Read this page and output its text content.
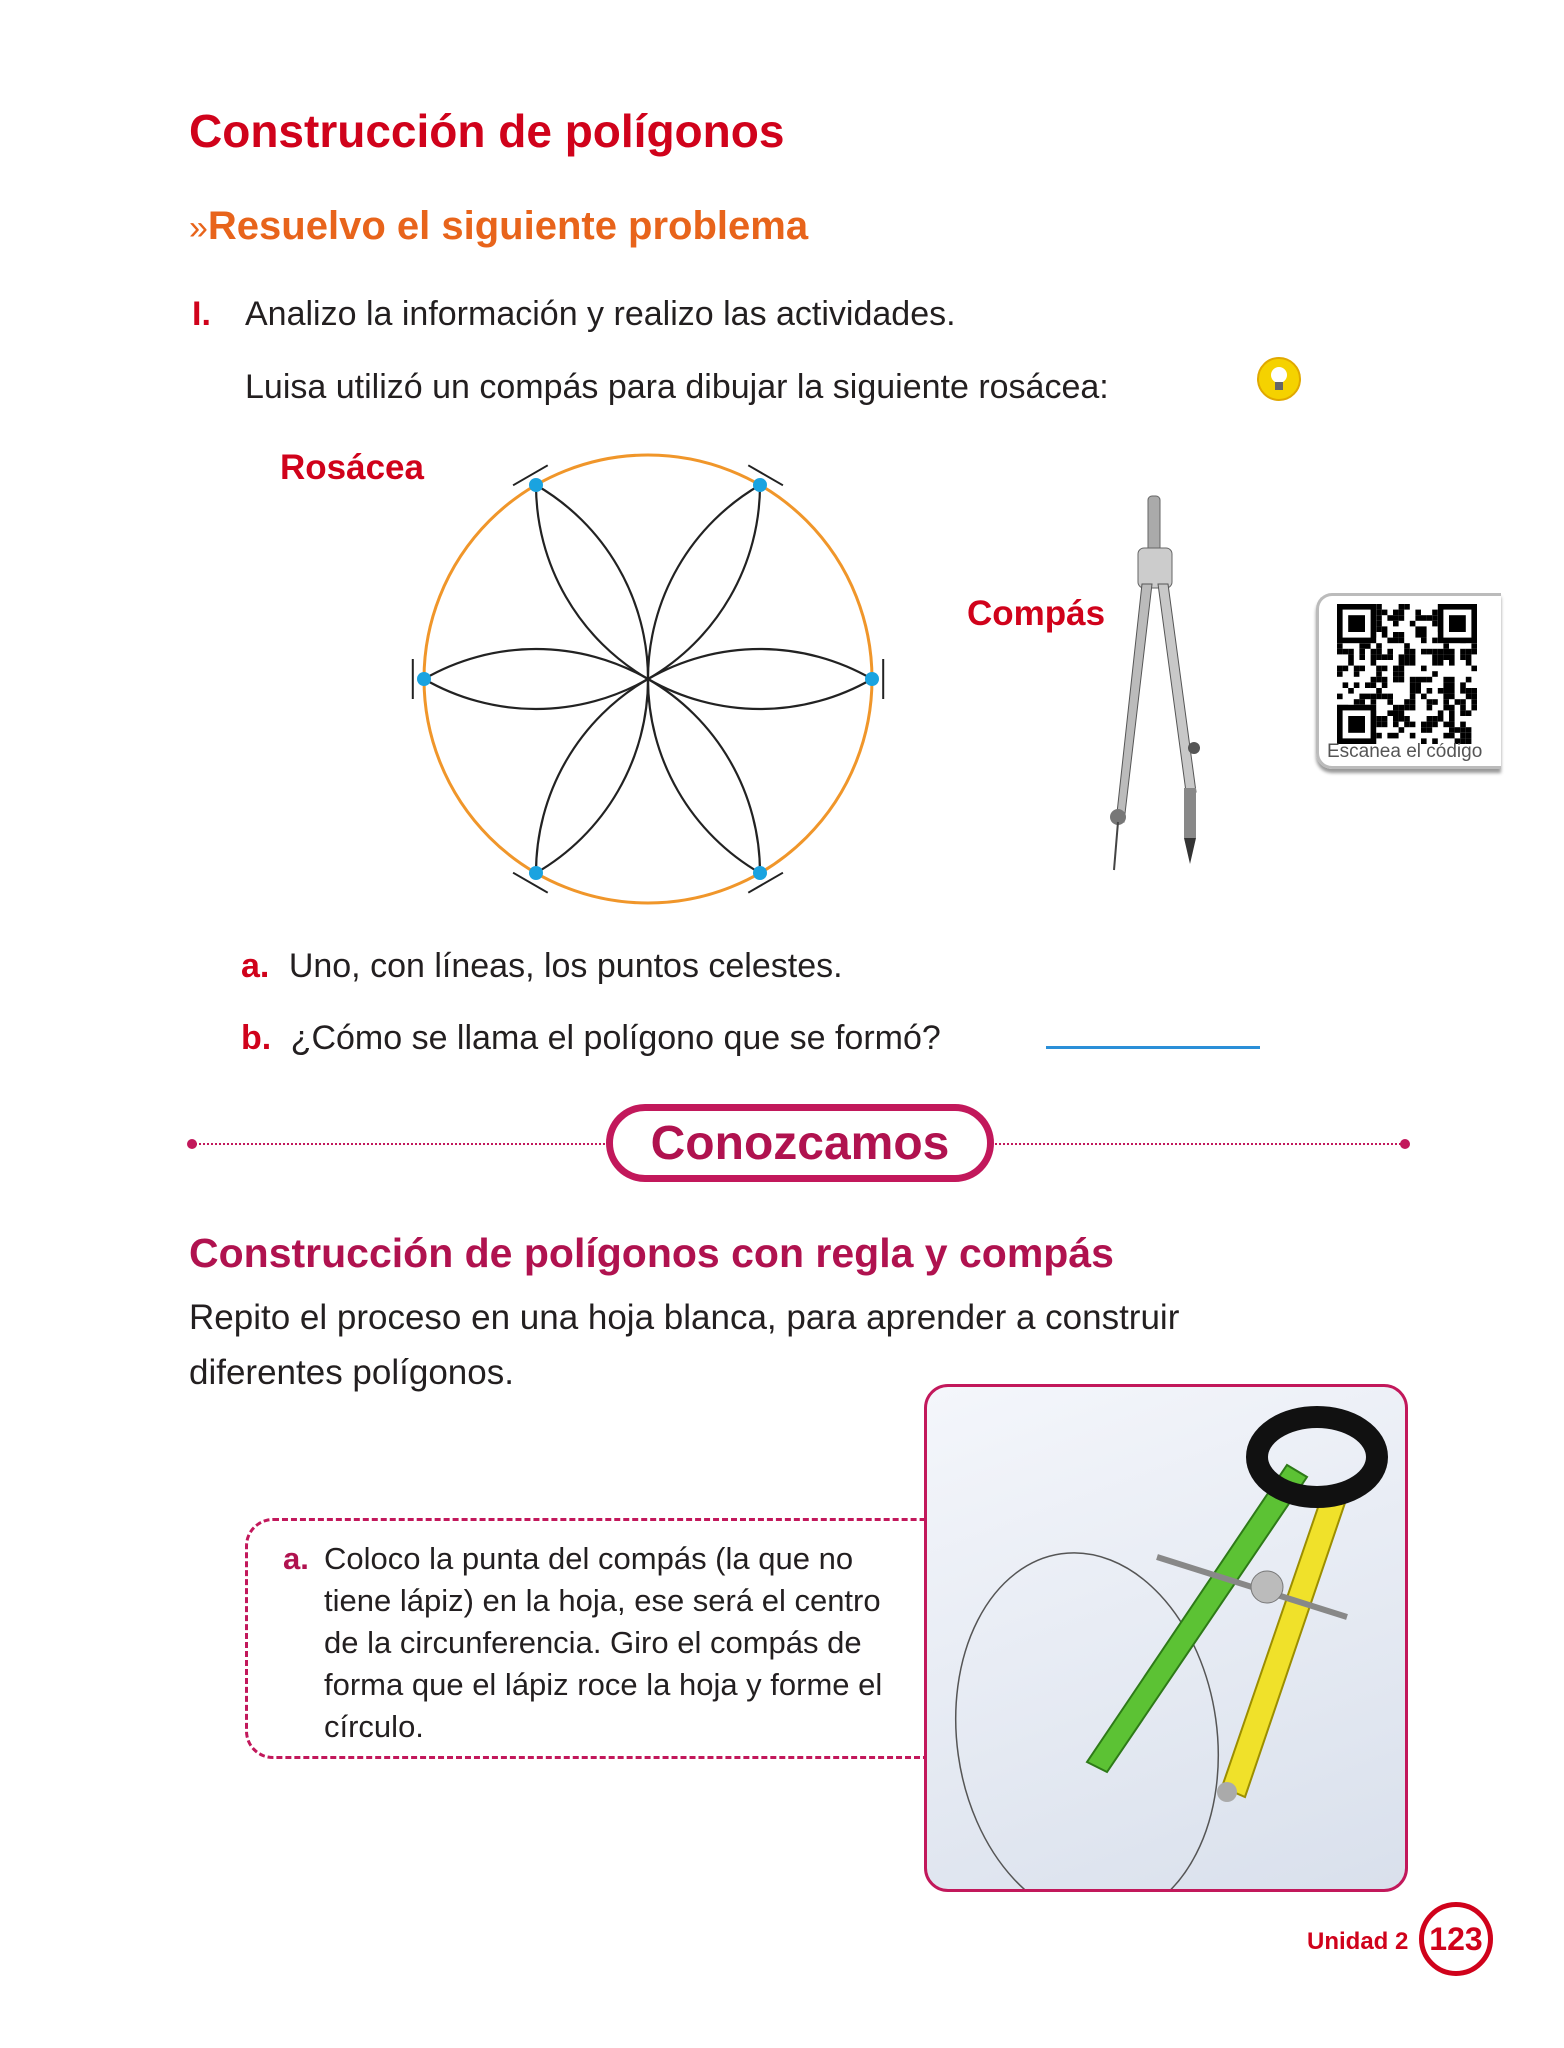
Construcción de polígonos
»Resuelvo el siguiente problema
I. Analizo la información y realizo las actividades.
Luisa utilizó un compás para dibujar la siguiente rosácea:
Rosácea
Compás
Escanea el código
a. Uno, con líneas, los puntos celestes.
b. ¿Cómo se llama el polígono que se formó?
Conozcamos
Construcción de polígonos con regla y compás
Repito el proceso en una hoja blanca, para aprender a construir diferentes polígonos.
a. Coloco la punta del compás (la que no tiene lápiz) en la hoja, ese será el centro de la circunferencia. Giro el compás de forma que el lápiz roce la hoja y forme el círculo.
Unidad 2 123
